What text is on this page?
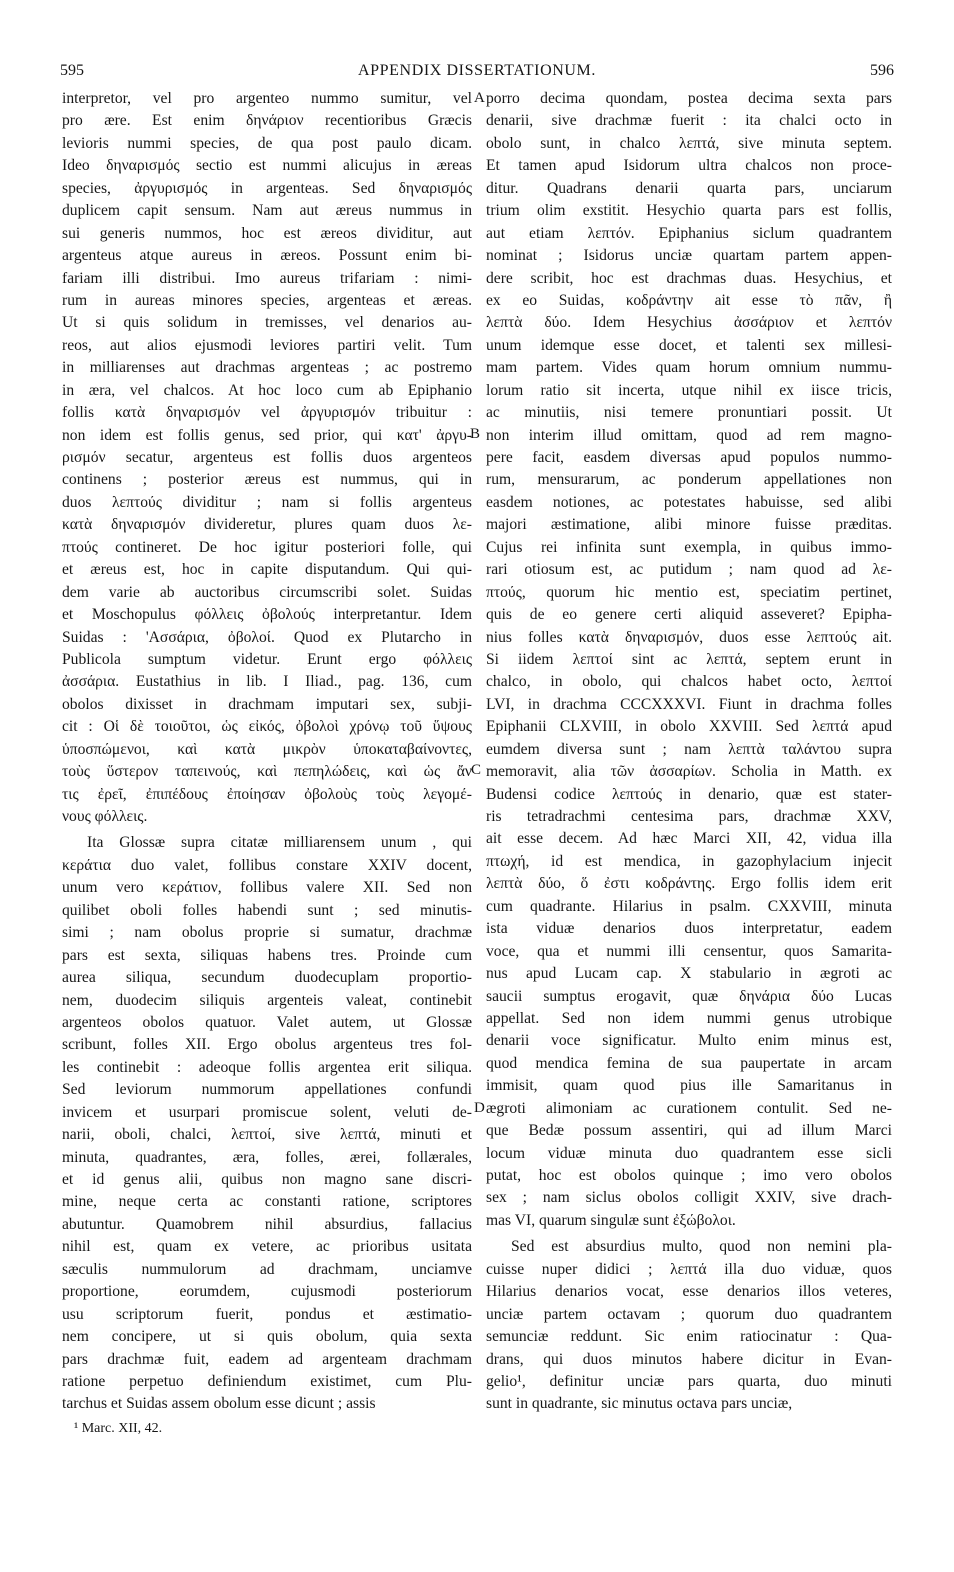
595	APPENDIX DISSERTATIONUM.	596
interpretor, vel pro argenteo nummo sumitur, vel
pro ære. Est enim δηνάριον recentioribus Græcis
levioris nummi species, de qua post paulo dicam.
Ideo δηναρισμός sectio est nummi alicujus in æreas
species, ἀργυρισμός in argenteas. Sed δηναρισμός
duplicem capit sensum. Nam aut æreus nummus in
sui generis nummos, hoc est æreos dividitur, aut
argenteus atque aureus in æreos. Possunt enim bi-
fariam illi distribui. Imo aureus trifariam : nimi-
rum in aureas minores species, argenteas et æreas.
Ut si quis solidum in tremisses, vel denarios au-
reos, aut alios ejusmodi leviores partiri velit. Tum
in milliarenses aut drachmas argenteas ; ac postremo
in æra, vel chalcos. At hoc loco cum ab Epiphanio
follis κατὰ δηναρισμόν vel ἀργυρισμόν tribuitur :
non idem est follis genus, sed prior, qui κατ' ἀργυ-
ρισμόν secatur, argenteus est follis duos argenteos
continens ; posterior æreus est nummus, qui in
duos λεπτούς dividitur ; nam si follis argenteus
κατὰ δηναρισμόν divideretur, plures quam duos λε-
πτούς contineret. De hoc igitur posteriori folle, qui
et æreus est, hoc in capite disputandum. Qui qui-
dem varie ab auctoribus circumscribi solet. Suidas
et Moschopulus φόλλεις ὀβολούς interpretantur. Idem
Suidas : 'Ασσάρια, ὀβολοί. Quod ex Plutarcho in
Publicola sumptum videtur. Erunt ergo φόλλεις
ἀσσάρια. Eustathius in lib. I Iliad., pag. 136, cum
obolos dixisset in drachmam imputari sex, subji-
cit : Οἱ δὲ τοιοῦτοι, ὡς εἰκός, ὀβολοὶ χρόνῳ τοῦ ὕψους
ὑποσπώμενοι, καὶ κατὰ μικρὸν ὑποκαταβαίνοντες,
τοὺς ὕστερον ταπεινούς, καὶ πεπηλώδεις, καὶ ὡς ἄν
τις ἐρεῖ, ἐπιπέδους ἐποίησαν ὀβολοὺς τοὺς λεγομέ-
νους φόλλεις.
Ita Glossæ supra citatæ milliarensem unum , qui
κεράτια duo valet, follibus constare XXIV docent,
unum vero κεράτιον, follibus valere XII. Sed non
quilibet oboli folles habendi sunt ; sed minutis-
simi ; nam obolus proprie si sumatur, drachmæ
pars est sexta, siliquas habens tres. Proinde cum
aurea siliqua, secundum duodecuplam proportio-
nem, duodecim siliquis argenteis valeat, continebit
argenteos obolos quatuor. Valet autem, ut Glossæ
scribunt, folles XII. Ergo obolus argenteus tres fol-
les continebit : adeoque follis argentea erit siliqua.
Sed leviorum nummorum appellationes confundi
invicem et usurpari promiscue solent, veluti de-
narii, oboli, chalci, λεπτοί, sive λεπτά, minuti et
minuta, quadrantes, æra, folles, ærei, follærales,
et id genus alii, quibus non magno sane discri-
mine, neque certa ac constanti ratione, scriptores
abutuntur. Quamobrem nihil absurdius, fallacius
nihil est, quam ex vetere, ac prioribus usitata
sæculis nummulorum ad drachmam, unciamve
proportione, eorumdem, cujusmodi posteriorum
usu scriptorum fuerit, pondus et æstimatio-
nem concipere, ut si quis obolum, quia sexta
pars drachmæ fuit, eadem ad argenteam drachmam
ratione perpetuo definiendum existimet, cum Plu-
tarchus et Suidas assem obolum esse dicunt ; assis
¹ Marc. XII, 42.
porro decima quondam, postea decima sexta pars
denarii, sive drachmæ fuerit : ita chalci octo in
obolo sunt, in chalco λεπτά, sive minuta septem.
Et tamen apud Isidorum ultra chalcos non proce-
ditur. Quadrans denarii quarta pars, unciarum
trium olim exstitit. Hesychio quarta pars est follis,
aut etiam λεπτόν. Epiphanius siclum quadrantem
nominat ; Isidorus unciæ quartam partem appen-
dere scribit, hoc est drachmas duas. Hesychius, et
ex eo Suidas, κοδράντην ait esse τὸ πᾶν, ἢ
λεπτὰ δύο. Idem Hesychius ἀσσάριον et λεπτόν
unum idemque esse docet, et talenti sex millesi-
mam partem. Vides quam horum omnium nummu-
lorum ratio sit incerta, utque nihil ex iisce tricis,
ac minutiis, nisi temere pronuntiari possit. Ut
non interim illud omittam, quod ad rem magno-
pere facit, easdem diversas apud populos nummo-
rum, mensurarum, ac ponderum appellationes non
easdem notiones, ac potestates habuisse, sed alibi
majori æstimatione, alibi minore fuisse præditas.
Cujus rei infinita sunt exempla, in quibus immo-
rari otiosum est, ac putidum ; nam quod ad λε-
πτούς, quorum hic mentio est, speciatim pertinet,
quis de eo genere certi aliquid asseveret? Epipha-
nius folles κατὰ δηναρισμόν, duos esse λεπτούς ait.
Si iidem λεπτοί sint ac λεπτά, septem erunt in
chalco, in obolo, qui chalcos habet octo, λεπτοί
LVI, in drachma CCCXXXVI. Fiunt in drachma folles
Epiphanii CLXVIII, in obolo XXVIII. Sed λεπτά apud
eumdem diversa sunt ; nam λεπτὰ ταλάντου supra
memoravit, alia τῶν ἀσσαρίων. Scholia in Matth. ex
Budensi codice λεπτούς in denario, quæ est stater-
ris tetradrachmi centesima pars, drachmæ XXV,
ait esse decem. Ad hæc Marci XII, 42, vidua illa
πτωχή, id est mendica, in gazophylacium injecit
λεπτὰ δύο, ὅ ἐστι κοδράντης. Ergo follis idem erit
cum quadrante. Hilarius in psalm. CXXVIII, minuta
ista viduæ denarios duos interpretatur, eadem
voce, qua et nummi illi censentur, quos Samarita-
nus apud Lucam cap. X stabulario in ægroti ac
saucii sumptus erogavit, quæ δηνάρια δύο Lucas
appellat. Sed non idem nummi genus utrobique
denarii voce significatur. Multo enim minus est,
quod mendica femina de sua paupertate in arcam
immisit, quam quod pius ille Samaritanus in
ægroti alimoniam ac curationem contulit. Sed ne-
que Bedæ possum assentiri, qui ad illum Marci
locum viduæ minuta duo quadrantem esse sicli
putat, hoc est obolos quinque ; imo vero obolos
sex ; nam siclus obolos colligit XXIV, sive drach-
mas VI, quarum singulæ sunt ἐξώβολοι.
Sed est absurdius multo, quod non nemini pla-
cuisse nuper didici ; λεπτά illa duo viduæ, quos
Hilarius denarios vocat, esse denarios illos veteres,
unciæ partem octavam ; quorum duo quadrantem
semunciæ reddunt. Sic enim ratiocinatur : Qua-
drans, qui duos minutos habere dicitur in Evan-
gelio¹, definitur unciæ pars quarta, duo minuti
sunt in quadrante, sic minutus octava pars unciæ,
A
B
C
D
